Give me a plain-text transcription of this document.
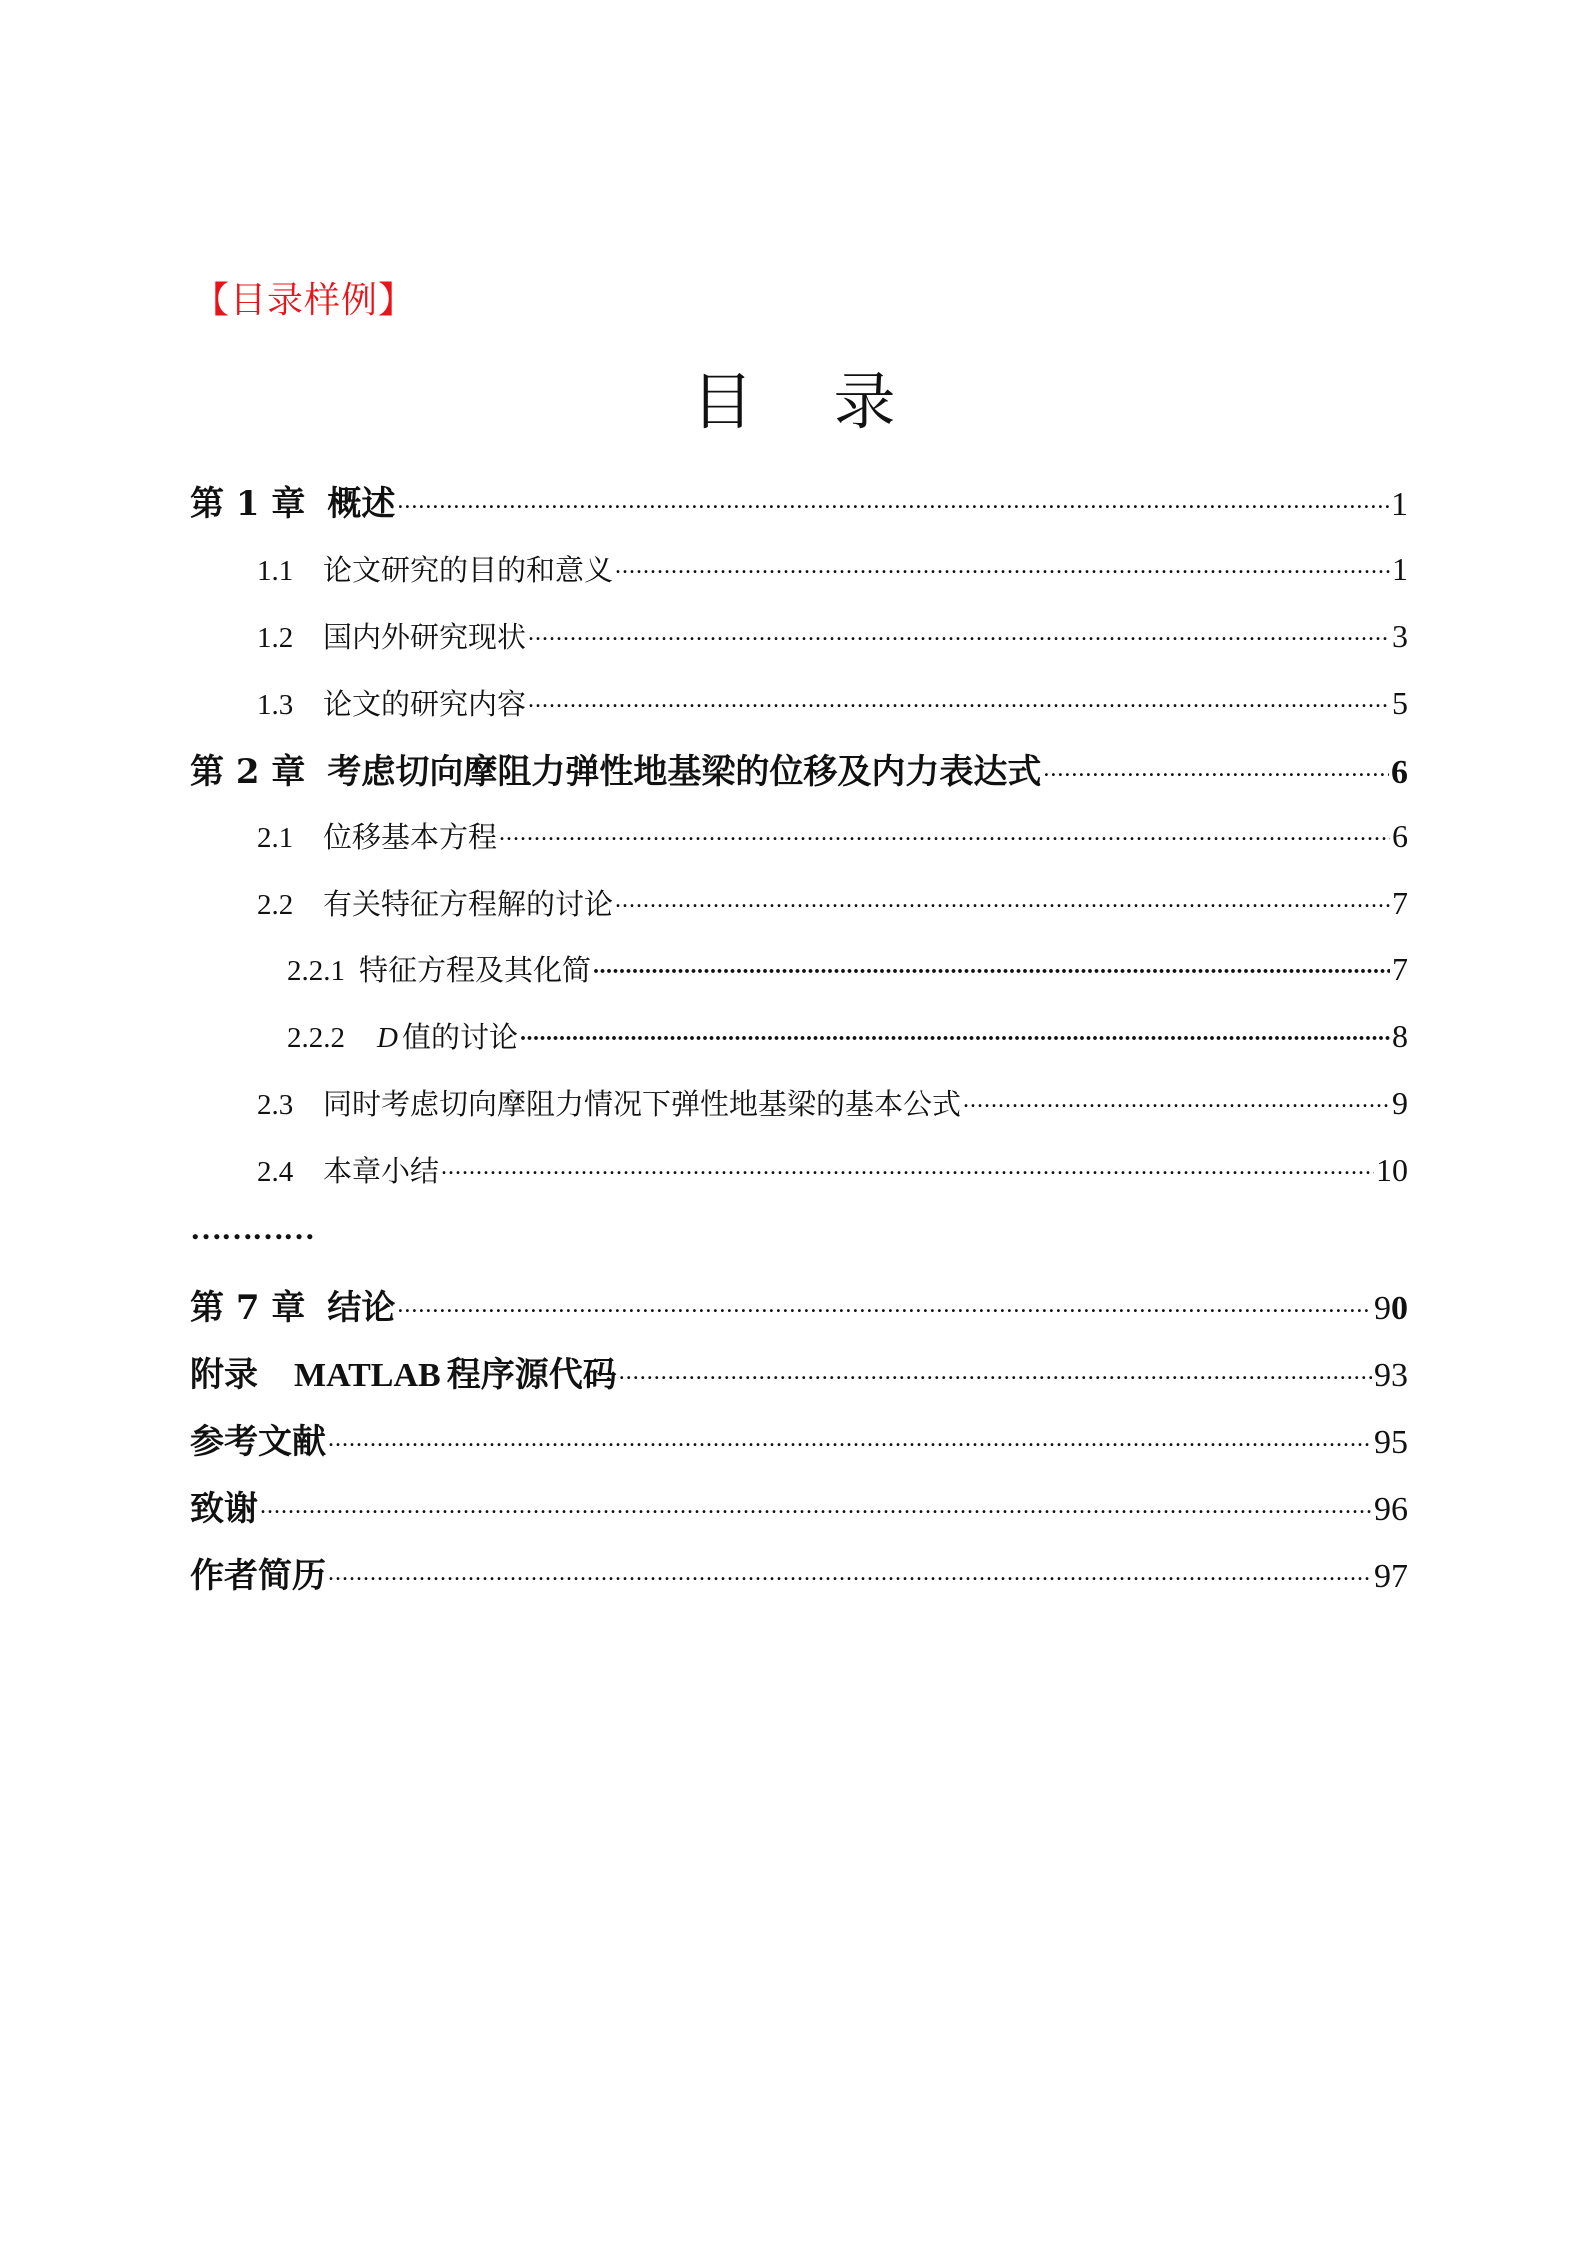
【目录样例】
目 录
第 1 章 概述 .....	1
1.1	论文研究的目的和意义 .....	1
1.2	国内外研究现状 .....	3
1.3	论文的研究内容 .....	5
第 2 章 考虑切向摩阻力弹性地基梁的位移及内力表达式 .....	6
2.1	位移基本方程 .....	6
2.2	有关特征方程解的讨论 .....	7
2.2.1 特征方程及其化简 .....	7
2.2.2	D 值的讨论 .....	8
2.3	同时考虑切向摩阻力情况下弹性地基梁的基本公式 .....	9
2.4	本章小结 .....	10
…………
第 7 章 结论 .....	90
附录 MATLAB 程序源代码 .....	93
参考文献 .....	95
致谢 .....	96
作者简历 .....	97
